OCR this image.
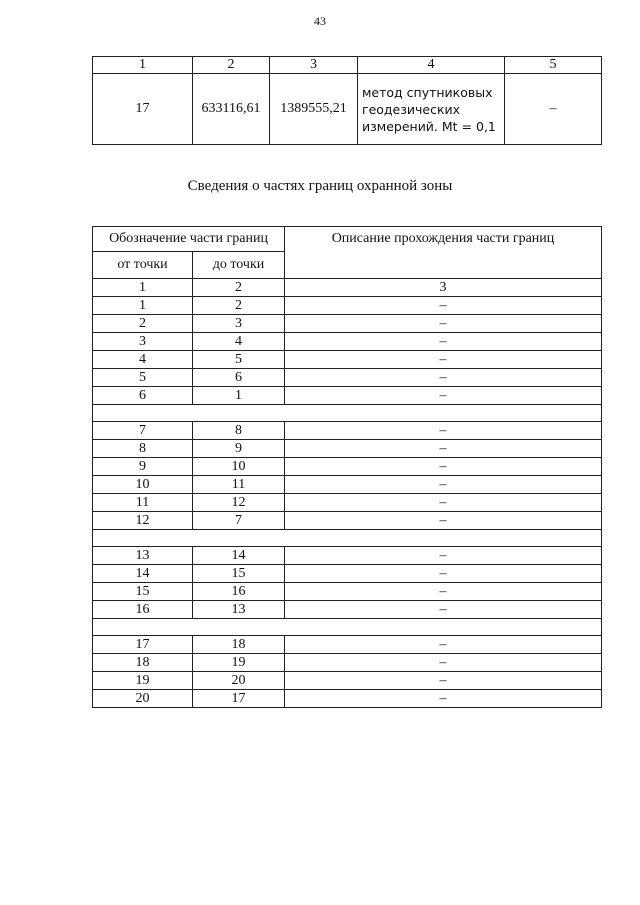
43
1	2	3	4	5
17	633116,61	1389555,21	метод спутниковых геодезических измерений. Mt = 0,1	–
Сведения о частях границ охранной зоны
Обозначение части границ		Описание прохождения части границ
от точки	до точки	
1	2	3
1	2	–
2	3	–
3	4	–
4	5	–
5	6	–
6	1	–

7	8	–
8	9	–
9	10	–
10	11	–
11	12	–
12	7	–

13	14	–
14	15	–
15	16	–
16	13	–

17	18	–
18	19	–
19	20	–
20	17	–
